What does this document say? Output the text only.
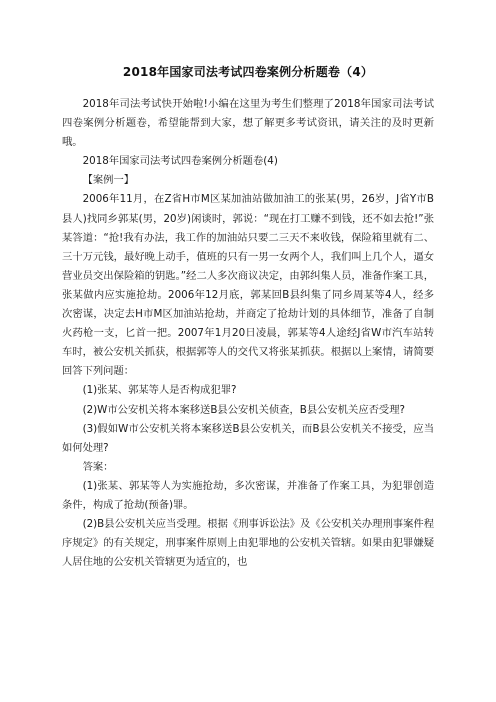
2018年国家司法考试四卷案例分析题卷（4）

2018年司法考试快开始啦!小编在这里为考生们整理了2018年国家司法考试四卷案例分析题卷，希望能帮到大家，想了解更多考试资讯，请关注的及时更新哦。

2018年国家司法考试四卷案例分析题卷(4)

【案例一】

2006年11月，在Z省H市M区某加油站做加油工的张某(男，26岁，J省Y市B县人)找同乡郭某(男，20岁)闲谈时，郭说：“现在打工赚不到钱，还不如去抢!”张某答道：“抢!我有办法，我工作的加油站只要二三天不来收钱，保险箱里就有二、三十万元钱，最好晚上动手，值班的只有一男一女两个人，我们叫上几个人，逼女营业员交出保险箱的钥匙。”经二人多次商议决定，由郭纠集人员，准备作案工具，张某做内应实施抢劫。2006年12月底，郭某回B县纠集了同乡周某等4人，经多次密谋，决定去H市M区加油站抢劫，并商定了抢劫计划的具体细节，准备了自制火药枪一支，匕首一把。2007年1月20日凌晨，郭某等4人途经J省W市汽车站转车时，被公安机关抓获，根据郭等人的交代又将张某抓获。根据以上案情，请简要回答下列问题：

(1)张某、郭某等人是否构成犯罪?

(2)W市公安机关将本案移送B县公安机关侦查，B县公安机关应否受理?

(3)假如W市公安机关将本案移送B县公安机关，而B县公安机关不接受，应当如何处理?

答案：

(1)张某、郭某等人为实施抢劫，多次密谋，并准备了作案工具，为犯罪创造条件，构成了抢劫(预备)罪。

(2)B县公安机关应当受理。根据《刑事诉讼法》及《公安机关办理刑事案件程序规定》的有关规定，刑事案件原则上由犯罪地的公安机关管辖。如果由犯罪嫌疑人居住地的公安机关管辖更为适宜的，也
